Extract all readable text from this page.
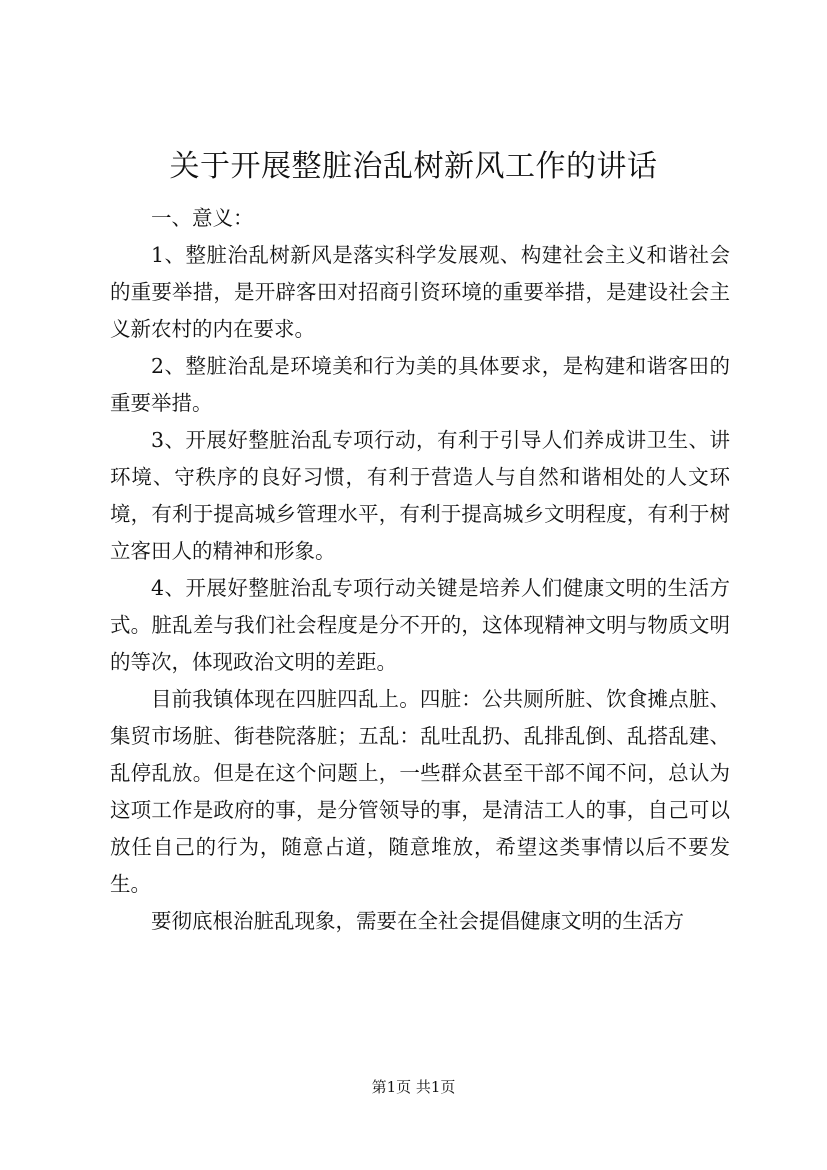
关于开展整脏治乱树新风工作的讲话

一、意义：

1、整脏治乱树新风是落实科学发展观、构建社会主义和谐社会的重要举措，是开辟客田对招商引资环境的重要举措，是建设社会主义新农村的内在要求。

2、整脏治乱是环境美和行为美的具体要求，是构建和谐客田的重要举措。

3、开展好整脏治乱专项行动，有利于引导人们养成讲卫生、讲环境、守秩序的良好习惯，有利于营造人与自然和谐相处的人文环境，有利于提高城乡管理水平，有利于提高城乡文明程度，有利于树立客田人的精神和形象。

4、开展好整脏治乱专项行动关键是培养人们健康文明的生活方式。脏乱差与我们社会程度是分不开的，这体现精神文明与物质文明的等次，体现政治文明的差距。

目前我镇体现在四脏四乱上。四脏：公共厕所脏、饮食摊点脏、集贸市场脏、街巷院落脏；五乱：乱吐乱扔、乱排乱倒、乱搭乱建、乱停乱放。但是在这个问题上，一些群众甚至干部不闻不问，总认为这项工作是政府的事，是分管领导的事，是清洁工人的事，自己可以放任自己的行为，随意占道，随意堆放，希望这类事情以后不要发生。

要彻底根治脏乱现象，需要在全社会提倡健康文明的生活方

第1页 共1页
